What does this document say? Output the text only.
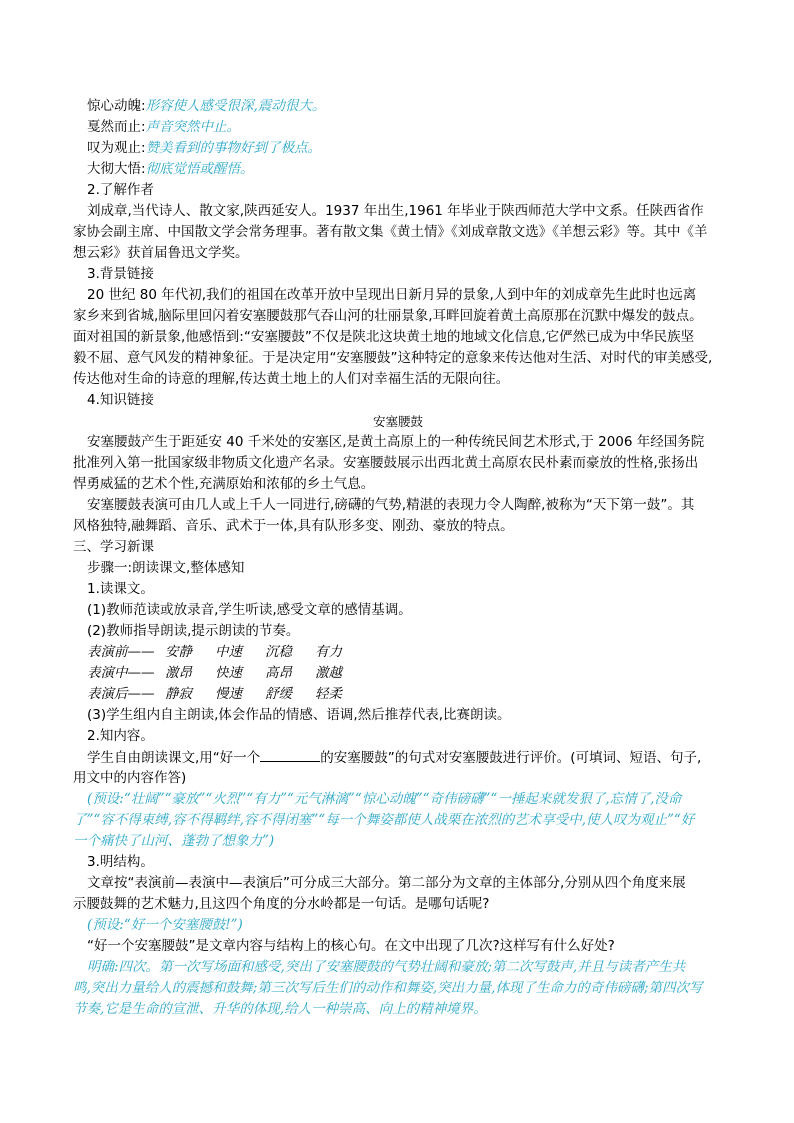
惊心动魄:形容使人感受很深,震动很大。
戛然而止:声音突然中止。
叹为观止:赞美看到的事物好到了极点。
大彻大悟:彻底觉悟或醒悟。
2.了解作者
刘成章,当代诗人、散文家,陕西延安人。1937 年出生,1961 年毕业于陕西师范大学中文系。任陕西省作
家协会副主席、中国散文学会常务理事。著有散文集《黄土情》《刘成章散文选》《羊想云彩》等。其中《羊
想云彩》获首届鲁迅文学奖。
3.背景链接
20 世纪 80 年代初,我们的祖国在改革开放中呈现出日新月异的景象,人到中年的刘成章先生此时也远离
家乡来到省城,脑际里回闪着安塞腰鼓那气吞山河的壮丽景象,耳畔回旋着黄土高原那在沉默中爆发的鼓点。
面对祖国的新景象,他感悟到:“安塞腰鼓”不仅是陕北这块黄土地的地域文化信息,它俨然已成为中华民族坚
毅不屈、意气风发的精神象征。于是决定用“安塞腰鼓”这种特定的意象来传达他对生活、对时代的审美感受,
传达他对生命的诗意的理解,传达黄土地上的人们对幸福生活的无限向往。
4.知识链接
安塞腰鼓
安塞腰鼓产生于距延安 40 千米处的安塞区,是黄土高原上的一种传统民间艺术形式,于 2006 年经国务院
批准列入第一批国家级非物质文化遗产名录。安塞腰鼓展示出西北黄土高原农民朴素而豪放的性格,张扬出
悍勇威猛的艺术个性,充满原始和浓郁的乡土气息。
安塞腰鼓表演可由几人或上千人一同进行,磅礴的气势,精湛的表现力令人陶醉,被称为“天下第一鼓”。其
风格独特,融舞蹈、音乐、武术于一体,具有队形多变、刚劲、豪放的特点。
三、学习新课
步骤一:朗读课文,整体感知
1.读课文。
(1)教师范读或放录音,学生听读,感受文章的感情基调。
(2)教师指导朗读,提示朗读的节奏。
表演前—— 安静 中速 沉稳 有力
表演中—— 激昂 快速 高昂 激越
表演后—— 静寂 慢速 舒缓 轻柔
(3)学生组内自主朗读,体会作品的情感、语调,然后推荐代表,比赛朗读。
2.知内容。
学生自由朗读课文,用“好一个	的安塞腰鼓”的句式对安塞腰鼓进行评价。(可填词、短语、句子,
用文中的内容作答)
(预设:“壮阔”“豪放”“火烈”“有力”“元气淋漓”“惊心动魄”“奇伟磅礴”“一捶起来就发狠了,忘情了,没命
了”“容不得束缚,容不得羁绊,容不得闭塞”“每一个舞姿都使人战栗在浓烈的艺术享受中,使人叹为观止”“好
一个痛快了山河、蓬勃了想象力”)
3.明结构。
文章按“表演前—表演中—表演后”可分成三大部分。第二部分为文章的主体部分,分别从四个角度来展
示腰鼓舞的艺术魅力,且这四个角度的分水岭都是一句话。是哪句话呢?
(预设:“好一个安塞腰鼓!”)
“好一个安塞腰鼓”是文章内容与结构上的核心句。在文中出现了几次?这样写有什么好处?
明确:四次。第一次写场面和感受,突出了安塞腰鼓的气势壮阔和豪放;第二次写鼓声,并且与读者产生共
鸣,突出力量给人的震撼和鼓舞;第三次写后生们的动作和舞姿,突出力量,体现了生命力的奇伟磅礴;第四次写
节奏,它是生命的宣泄、升华的体现,给人一种崇高、向上的精神境界。
